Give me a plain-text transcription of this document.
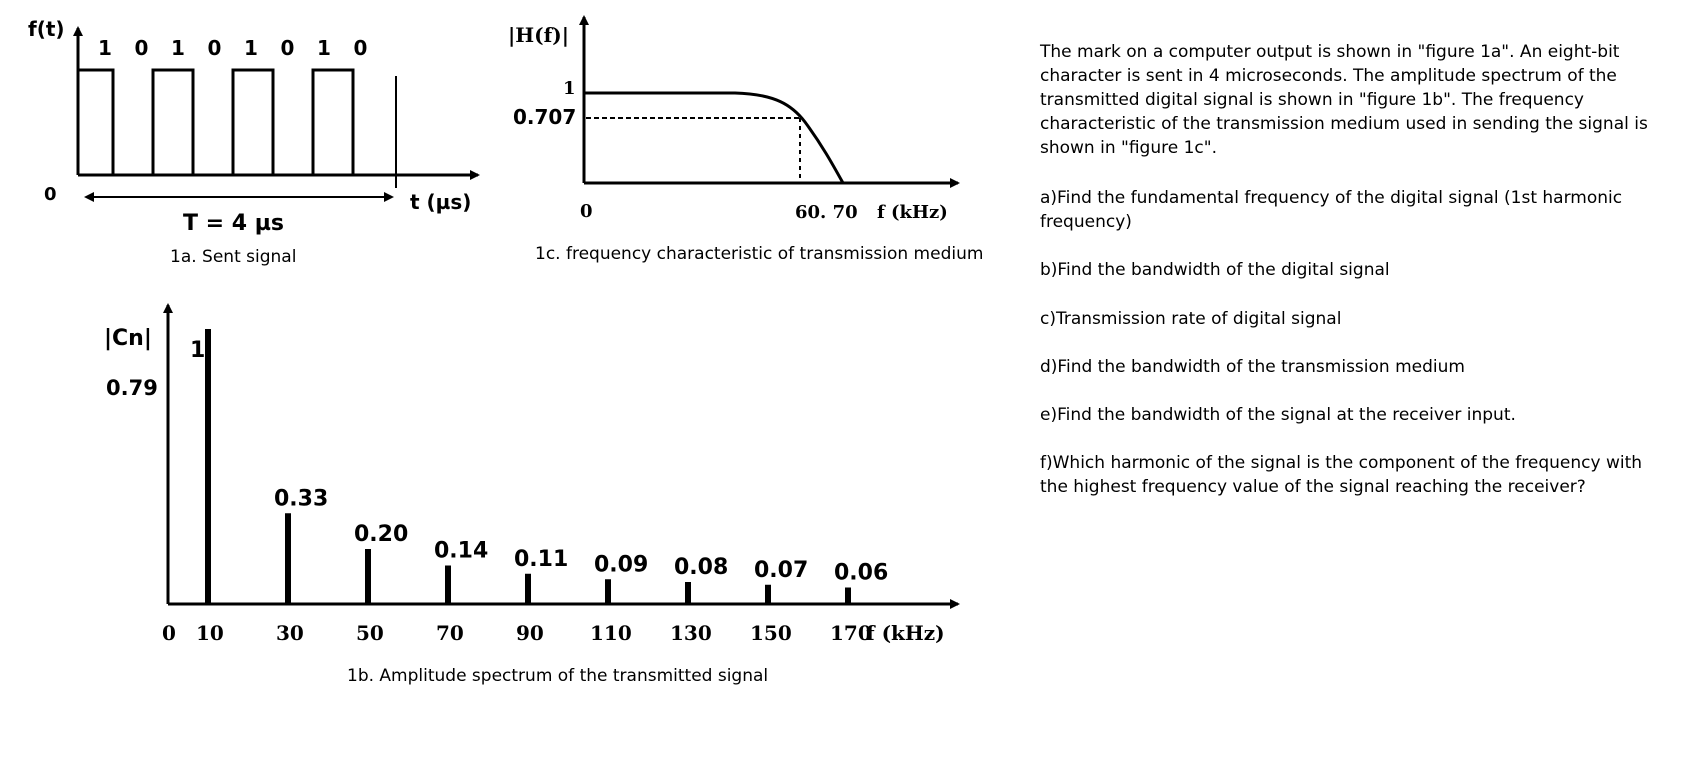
f(t)
0	t (µs)
1 0 1 0 1 0 1 0
T = 4 µs
1a. Sent signal
|H(f)|
1
0.707
0	60. 70 f (kHz)
1c. frequency characteristic of transmission medium
|Cn|
0.79
1
0.33
0.20
0.14 0.11 0.09 0.08 0.07 0.06
0 10	30	50	70	90 110 130 150 170
f (kHz)
1b. Amplitude spectrum of the transmitted signal
The mark on a computer output is shown in "figure 1a". An eight-bit character is sent in 4 microseconds. The amplitude spectrum of the transmitted digital signal is shown in "figure 1b". The frequency characteristic of the transmission medium used in sending the signal is shown in "figure 1c".
a)Find the fundamental frequency of the digital signal (1st harmonic frequency)
b)Find the bandwidth of the digital signal
c)Transmission rate of digital signal
d)Find the bandwidth of the transmission medium
e)Find the bandwidth of the signal at the receiver input.
f)Which harmonic of the signal is the component of the frequency with the highest frequency value of the signal reaching the receiver?
